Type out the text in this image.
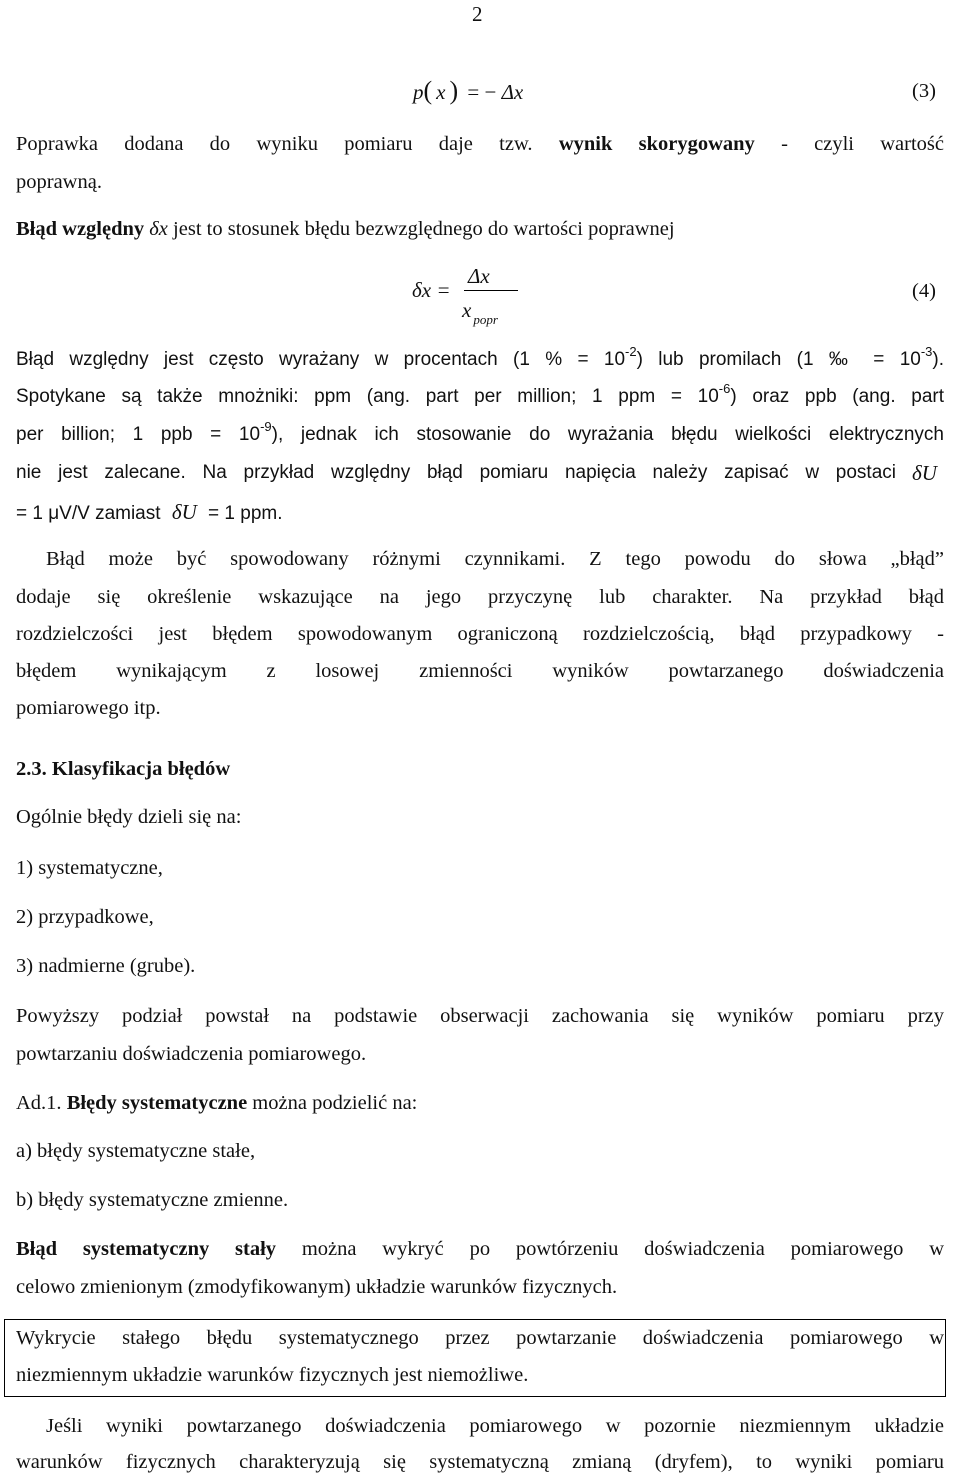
2
p( x ) = − Δx	(3)
Poprawka dodana do wyniku pomiaru daje tzw. wynik skorygowany - czyli wartość
poprawną.
Błąd względny δx jest to stosunek błędu bezwzględnego do wartości poprawnej
δx =
Δx
x $_{popr}$
(4)
Błąd względny jest często wyrażany w procentach (1 % = $10^{-2}$) lub promilach (1 ‰ = $10^{-3}$).
Spotykane są także mnożniki: ppm (ang. part per million; 1 ppm = $10^{-6}$) oraz ppb (ang. part
per billion; 1 ppb = $10^{-9}$), jednak ich stosowanie do wyrażania błędu wielkości elektrycznych
nie jest zalecane. Na przykład względny błąd pomiaru napięcia należy zapisać w postaci δU
= 1 μV/V zamiast δU = 1 ppm.
Błąd może być spowodowany różnymi czynnikami. Z tego powodu do słowa „błąd”
dodaje się określenie wskazujące na jego przyczynę lub charakter. Na przykład błąd
rozdzielczości jest błędem spowodowanym ograniczoną rozdzielczością, błąd przypadkowy -
błędem wynikającym z losowej zmienności wyników powtarzanego doświadczenia
pomiarowego itp.
2.3. Klasyfikacja błędów
Ogólnie błędy dzieli się na:
1) systematyczne,
2) przypadkowe,
3) nadmierne (grube).
Powyższy podział powstał na podstawie obserwacji zachowania się wyników pomiaru przy
powtarzaniu doświadczenia pomiarowego.
Ad.1. Błędy systematyczne można podzielić na:
a) błędy systematyczne stałe,
b) błędy systematyczne zmienne.
Błąd systematyczny stały można wykryć po powtórzeniu doświadczenia pomiarowego w
celowo zmienionym (zmodyfikowanym) układzie warunków fizycznych.
Wykrycie stałego błędu systematycznego przez powtarzanie doświadczenia pomiarowego w
niezmiennym układzie warunków fizycznych jest niemożliwe.
Jeśli wyniki powtarzanego doświadczenia pomiarowego w pozornie niezmiennym układzie
warunków fizycznych charakteryzują się systematyczną zmianą (dryfem), to wyniki pomiaru
